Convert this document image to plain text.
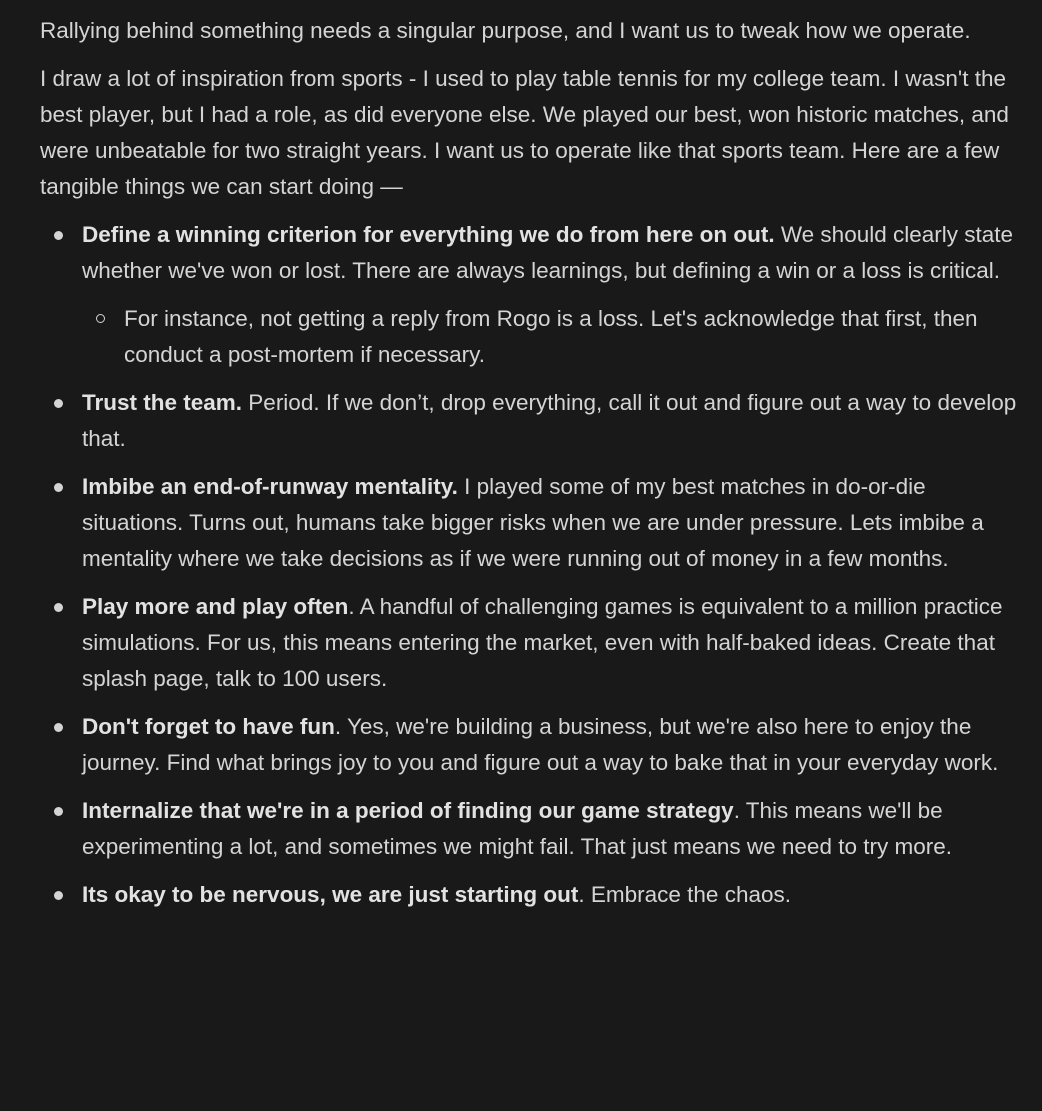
Rallying behind something needs a singular purpose, and I want us to tweak how we operate.

I draw a lot of inspiration from sports - I used to play table tennis for my college team. I wasn't the best player, but I had a role, as did everyone else. We played our best, won historic matches, and were unbeatable for two straight years. I want us to operate like that sports team. Here are a few tangible things we can start doing —

Define a winning criterion for everything we do from here on out. We should clearly state whether we've won or lost. There are always learnings, but defining a win or a loss is critical.
For instance, not getting a reply from Rogo is a loss. Let's acknowledge that first, then conduct a post-mortem if necessary.
Trust the team. Period. If we don’t, drop everything, call it out and figure out a way to develop that.
Imbibe an end-of-runway mentality. I played some of my best matches in do-or-die situations. Turns out, humans take bigger risks when we are under pressure. Lets imbibe a mentality where we take decisions as if we were running out of money in a few months.
Play more and play often. A handful of challenging games is equivalent to a million practice simulations. For us, this means entering the market, even with half-baked ideas. Create that splash page, talk to 100 users.
Don't forget to have fun. Yes, we're building a business, but we're also here to enjoy the journey. Find what brings joy to you and figure out a way to bake that in your everyday work.
Internalize that we're in a period of finding our game strategy. This means we'll be experimenting a lot, and sometimes we might fail. That just means we need to try more.
Its okay to be nervous, we are just starting out. Embrace the chaos.
